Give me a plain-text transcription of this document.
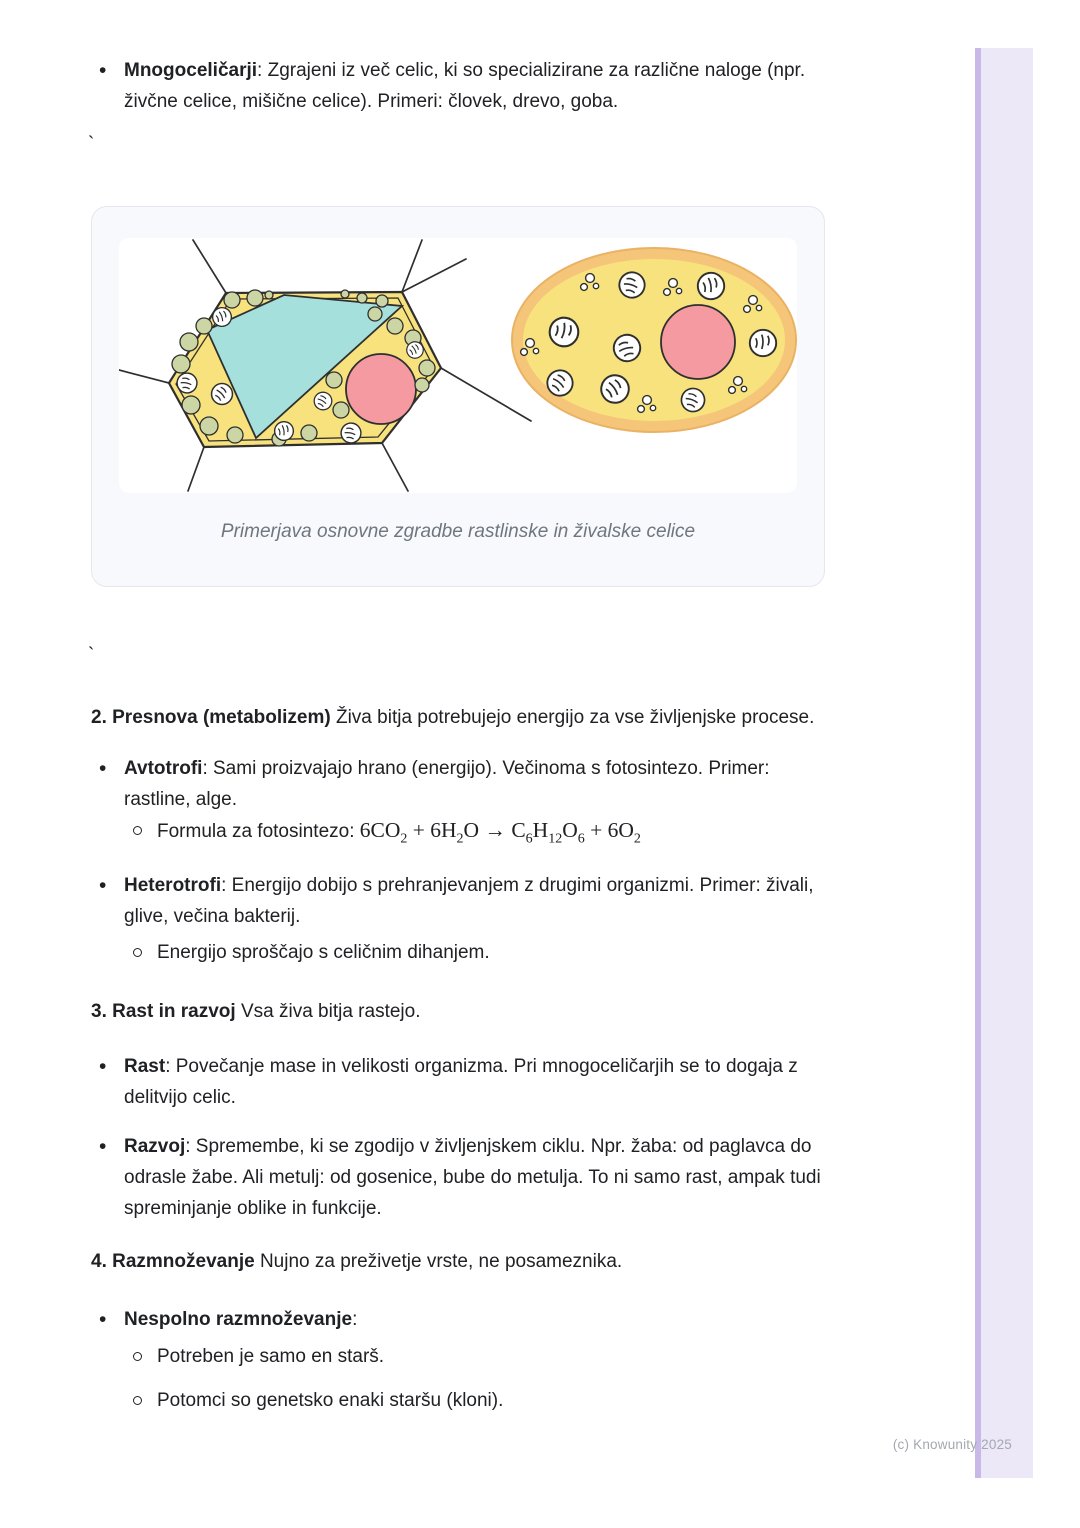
(c) Knowunity 2025
•

Mnogoceličarji: Zgrajeni iz več celic, ki so specializirane za različne naloge (npr. živčne celice, mišične celice). Primeri: človek, drevo, goba.

`
Primerjava osnovne zgradbe rastlinske in živalske celice
`

2. Presnova (metabolizem) Živa bitja potrebujejo energijo za vse življenjske procese.

•

Avtotrofi: Sami proizvajajo hrano (energijo). Večinoma s fotosintezo. Primer: rastline, alge.

Formula za fotosintezo: $6CO_2 + 6H_2O \to C_6H_{12}O_6 + 6O_2$

•

Heterotrofi: Energijo dobijo s prehranjevanjem z drugimi organizmi. Primer: živali, glive, večina bakterij.

Energijo sproščajo s celičnim dihanjem.

3. Rast in razvoj Vsa živa bitja rastejo.

•

Rast: Povečanje mase in velikosti organizma. Pri mnogoceličarjih se to dogaja z delitvijo celic.

•

Razvoj: Spremembe, ki se zgodijo v življenjskem ciklu. Npr. žaba: od paglavca do odrasle žabe. Ali metulj: od gosenice, bube do metulja. To ni samo rast, ampak tudi spreminjanje oblike in funkcije.

4. Razmnoževanje Nujno za preživetje vrste, ne posameznika.

•

Nespolno razmnoževanje:

Potreben je samo en starš.

Potomci so genetsko enaki staršu (kloni).
